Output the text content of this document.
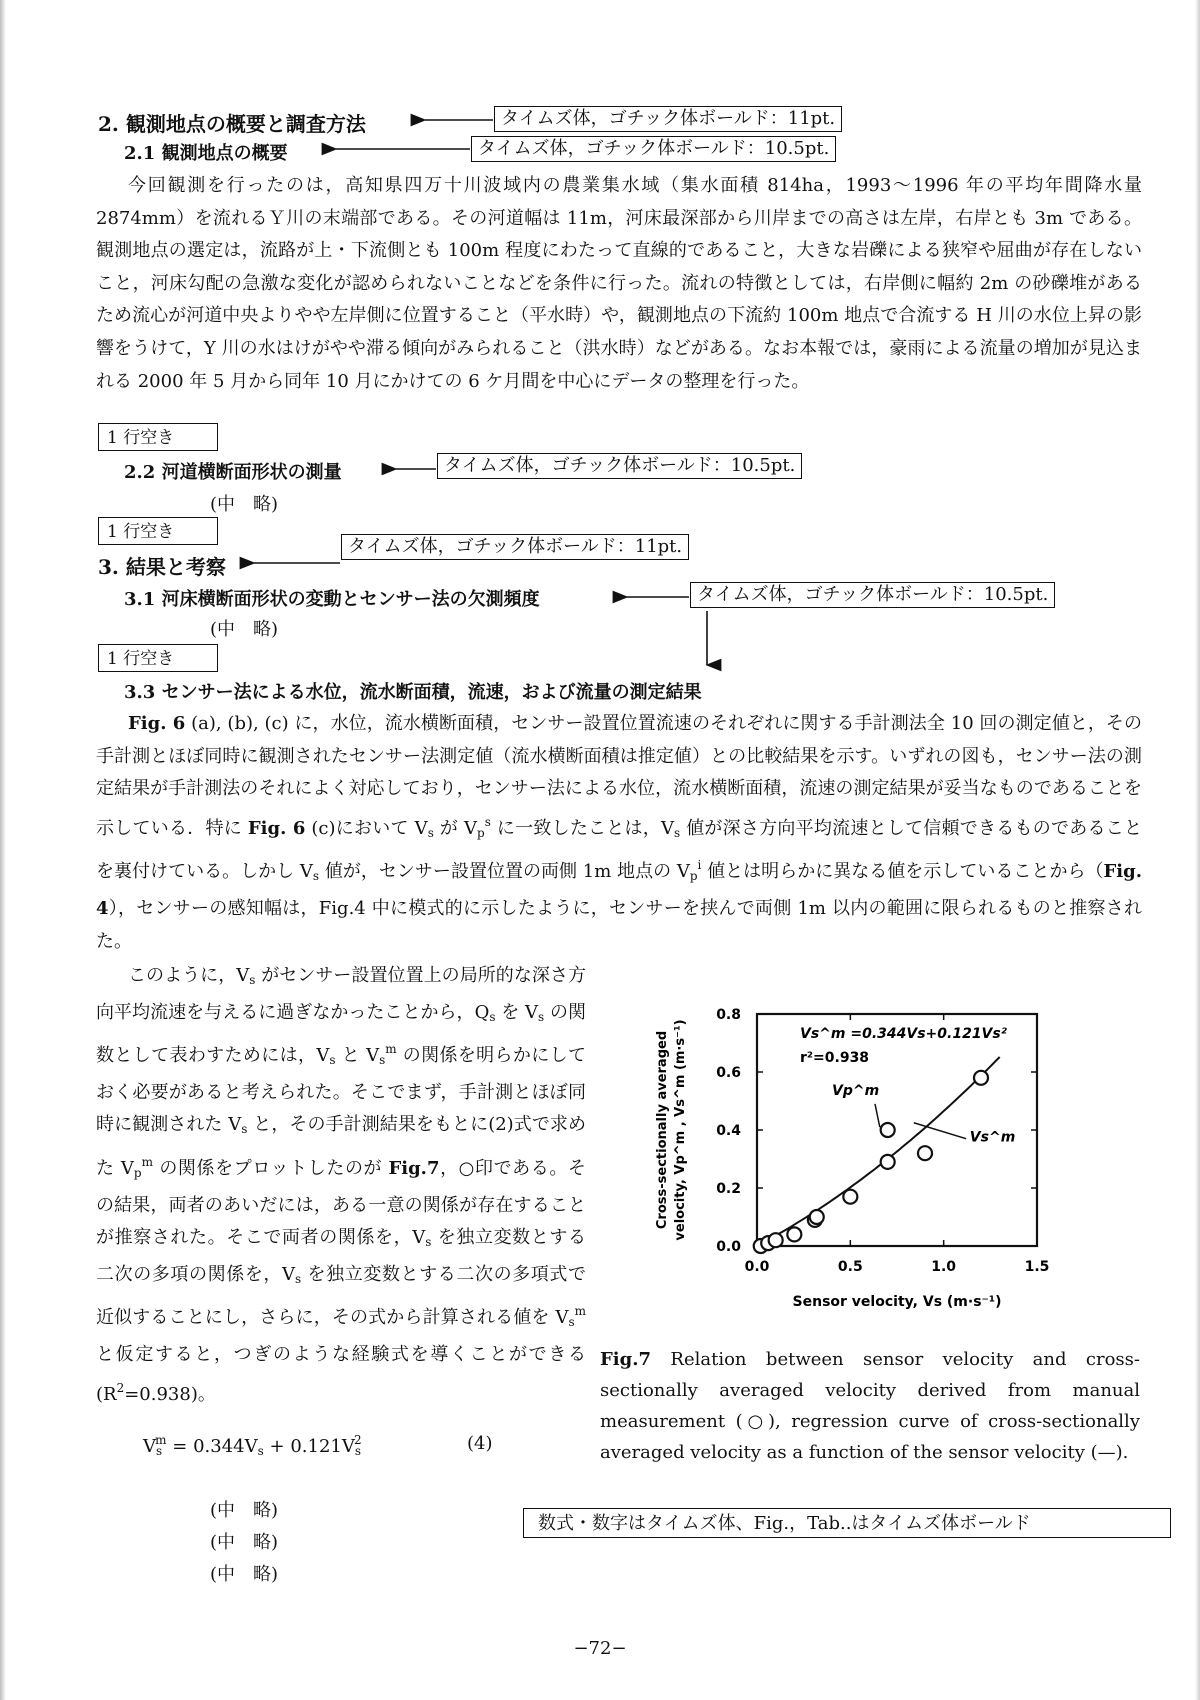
2. 観測地点の概要と調査方法	タイムズ体，ゴチック体ボールド：11pt.
2.1 観測地点の概要	タイムズ体，ゴチック体ボールド：10.5pt.
今回観測を行ったのは，高知県四万十川波域内の農業集水域（集水面積 814ha，1993〜1996 年の平均年間降水量 2874mm）を流れるＹ川の末端部である。その河道幅は 11m，河床最深部から川岸までの高さは左岸，右岸とも 3m である。観測地点の選定は，流路が上・下流側とも 100m 程度にわたって直線的であること，大きな岩礫による狭窄や屈曲が存在しないこと，河床勾配の急激な変化が認められないことなどを条件に行った。流れの特徴としては，右岸側に幅約 2m の砂礫堆があるため流心が河道中央よりやや左岸側に位置すること（平水時）や，観測地点の下流約 100m 地点で合流する H 川の水位上昇の影響をうけて，Y 川の水はけがやや滞る傾向がみられること（洪水時）などがある。なお本報では，豪雨による流量の増加が見込まれる 2000 年 5 月から同年 10 月にかけての 6 ケ月間を中心にデータの整理を行った。
1 行空き
2.2 河道横断面形状の測量	タイムズ体，ゴチック体ボールド：10.5pt.
(中　略)
1 行空き
3. 結果と考察
タイムズ体，ゴチック体ボールド：11pt.
3.1 河床横断面形状の変動とセンサー法の欠測頻度	タイムズ体，ゴチック体ボールド：10.5pt.
(中　略)
1 行空き
3.3 センサー法による水位，流水断面積，流速，および流量の測定結果
Fig. 6 (a), (b), (c) に，水位，流水横断面積，センサー設置位置流速のそれぞれに関する手計測法全 10 回の測定値と，その手計測とほぼ同時に観測されたセンサー法測定値（流水横断面積は推定値）との比較結果を示す。いずれの図も，センサー法の測定結果が手計測法のそれによく対応しており，センサー法による水位，流水横断面積，流速の測定結果が妥当なものであることを示している．特に Fig. 6 (c)において $V_s$ が $V_p^s$ に一致したことは，$V_s$ 値が深さ方向平均流速として信頼できるものであることを裏付けている。しかし $V_s$ 値が，センサー設置位置の両側 1m 地点の $V_p^i$ 値とは明らかに異なる値を示していることから（Fig. 4），センサーの感知幅は，Fig.4 中に模式的に示したように，センサーを挟んで両側 1m 以内の範囲に限られるものと推察された。
このように，$V_s$ がセンサー設置位置上の局所的な深さ方向平均流速を与えるに過ぎなかったことから，$Q_s$ を $V_s$ の関数として表わすためには，$V_s$ と $V_s^m$ の関係を明らかにしておく必要があると考えられた。そこでまず，手計測とほぼ同時に観測された $V_s$ と，その手計測結果をもとに(2)式で求めた $V_p^m$ の関係をプロットしたのが Fig.7，○印である。その結果，両者のあいだには，ある一意の関係が存在することが推察された。そこで両者の関係を，$V_s$ を独立変数とする二次の多項の関係を，$V_s$ を独立変数とする二次の多項式で近似することにし，さらに，その式から計算される値を $V_s^m$ と仮定すると，つぎのような経験式を導くことができる$(R^2=0.938)$。
$V_s^m = 0.344V_s + 0.121V_s^2$	(4)
(中　略)
(中　略)
(中　略)
0.0	0.5	1.0	1.5
0.0
0.2
0.4
0.6
0.8
Vs^m =0.344Vs+0.121Vs²
r²=0.938
Vp^m
Vs^m
Sensor velocity, Vs (m·s⁻¹)
Cross-sectionally averaged velocity, Vp^m , Vs^m (m·s⁻¹)
Fig.7 Relation between sensor velocity and cross-sectionally averaged velocity derived from manual measurement (○), regression curve of cross-sectionally averaged velocity as a function of the sensor velocity (—).
数式・数字はタイムズ体、Fig.，Tab..はタイムズ体ボールド
−72−
